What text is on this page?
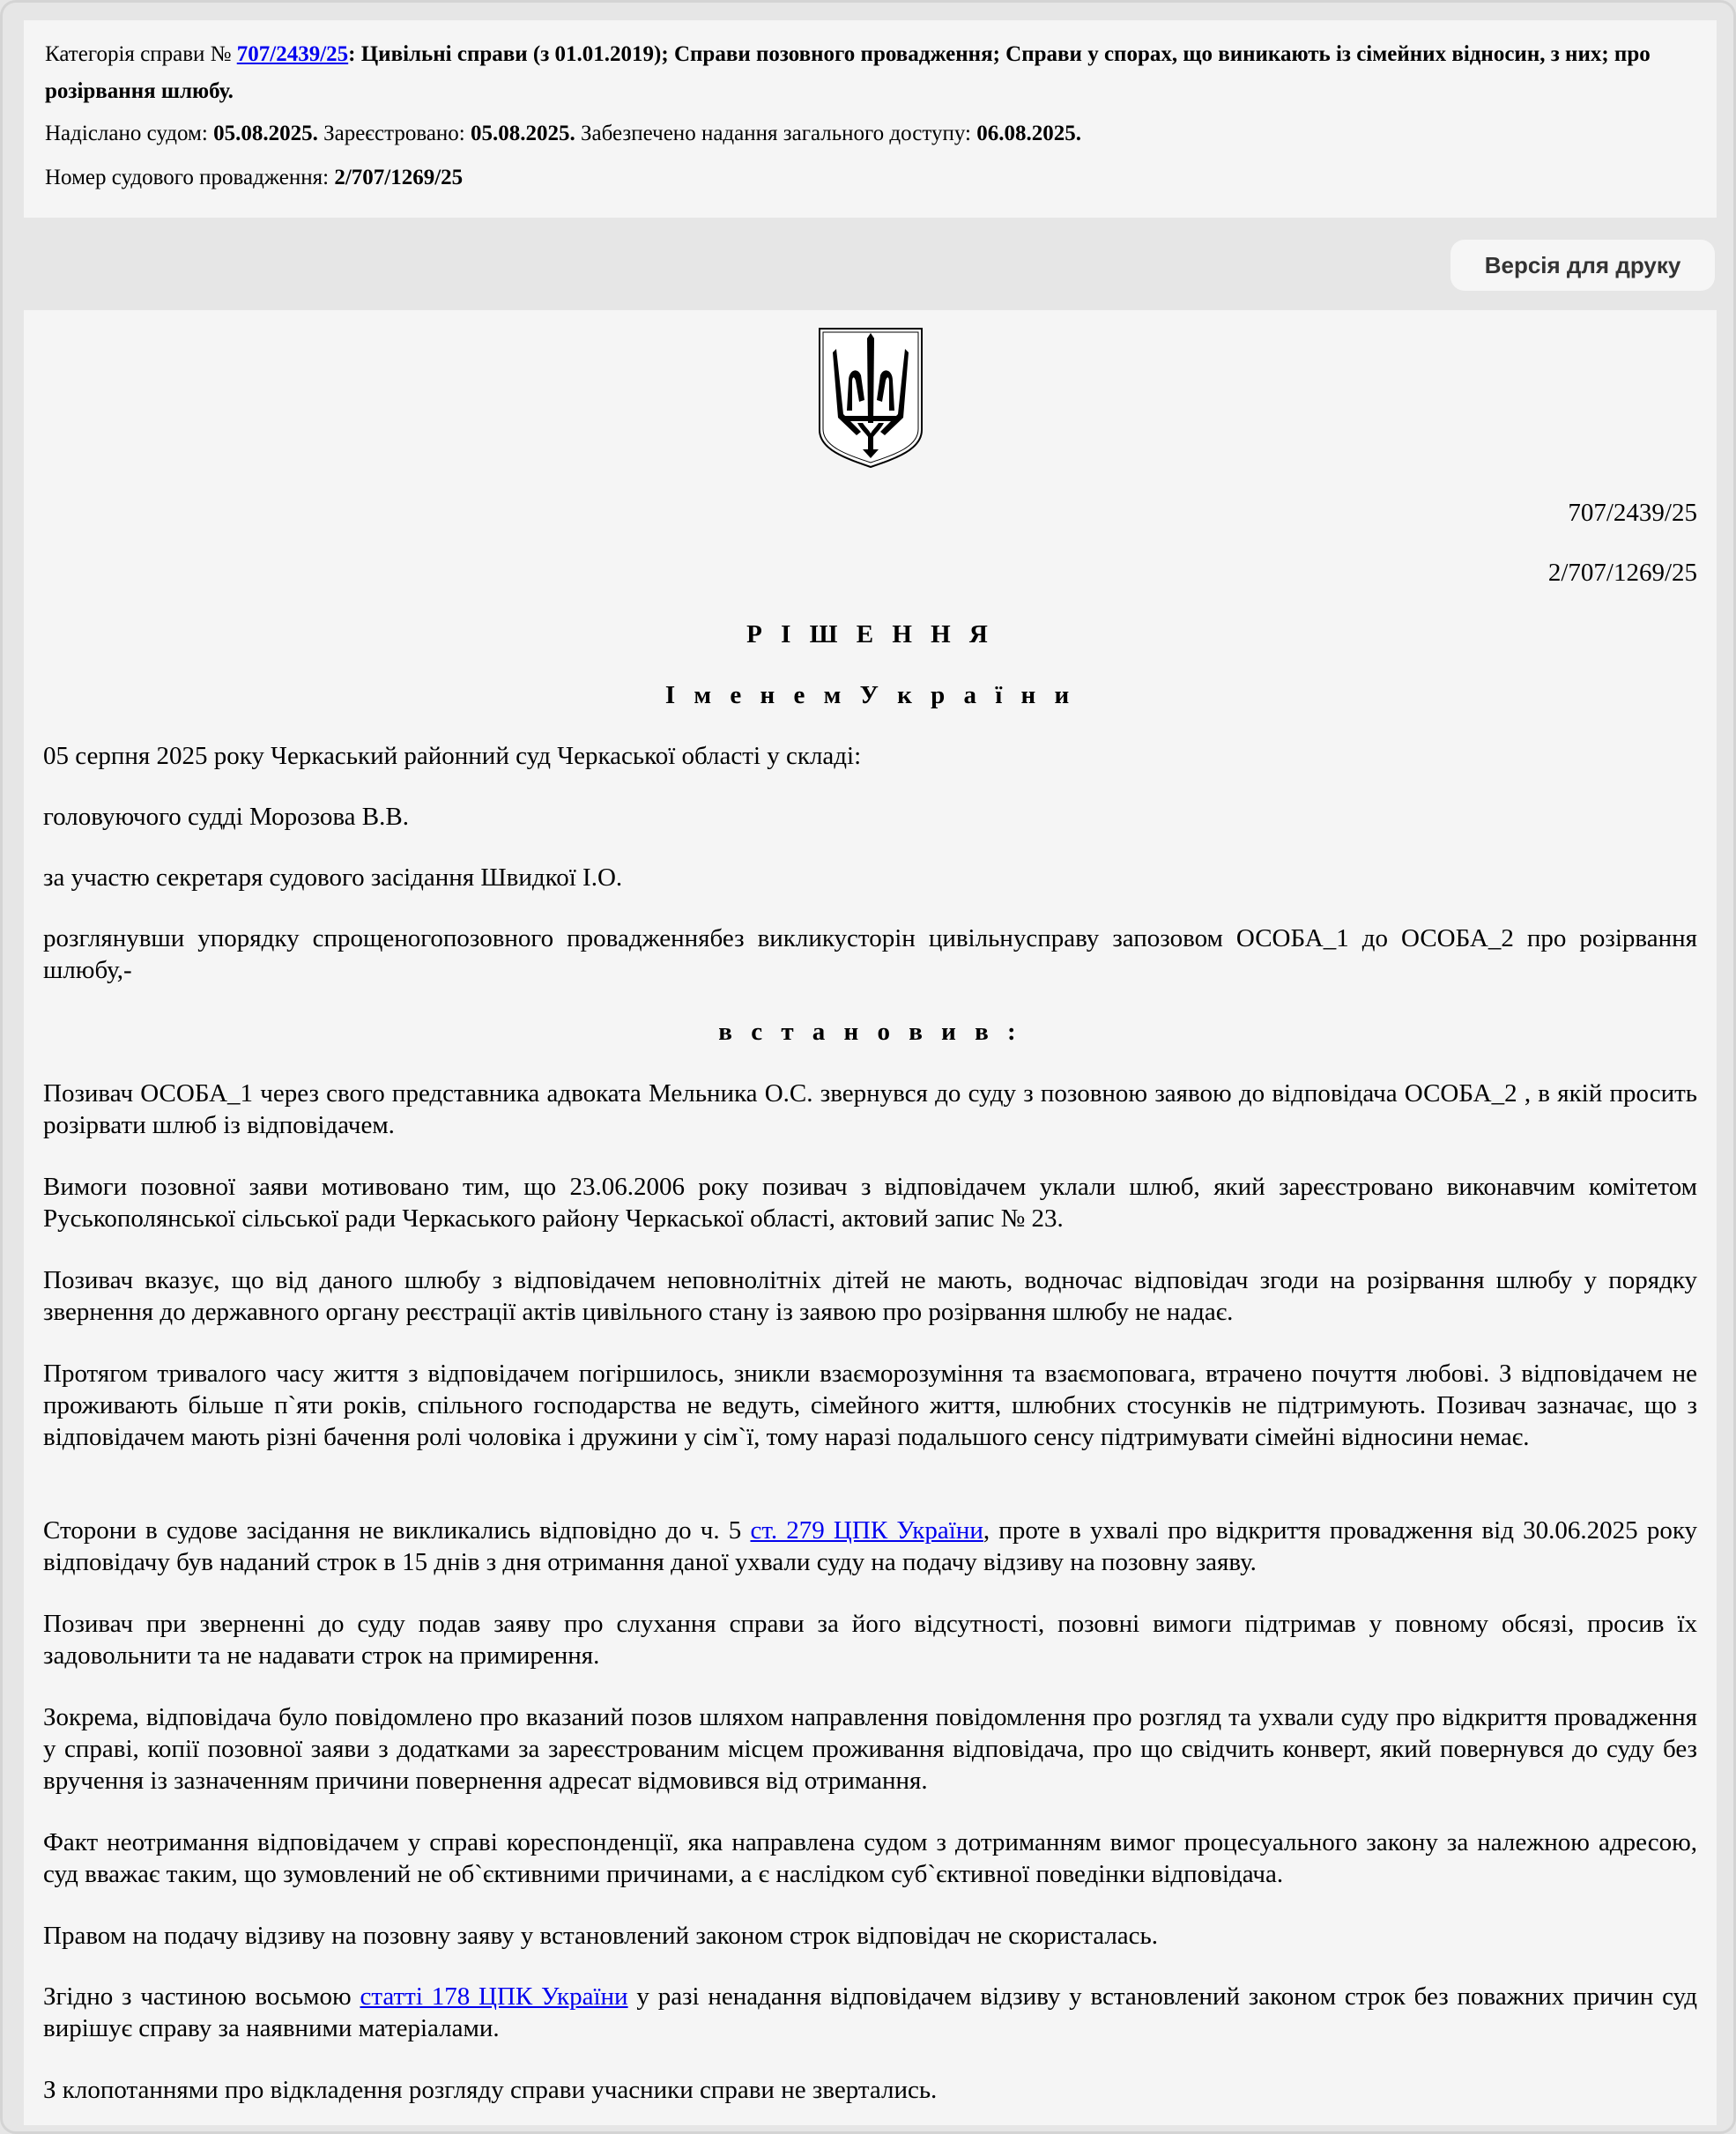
Категорія справи № 707/2439/25: Цивільні справи (з 01.01.2019); Справи позовного провадження; Справи у спорах, що виникають із сімейних відносин, з них; про розірвання шлюбу.

Надіслано судом: 05.08.2025. Зареєстровано: 05.08.2025. Забезпечено надання загального доступу: 06.08.2025.

Номер судового провадження: 2/707/1269/25

Версія для друку

707/2439/25

2/707/1269/25

Р І Ш Е Н Н Я

І м е н е м У к р а ї н и

05 серпня 2025 року Черкаський районний суд Черкаської області у складі:

головуючого судді Морозова В.В.

за участю секретаря судового засідання Швидкої І.О.

розглянувши упорядку спрощеногопозовного провадженнябез викликусторін цивільнусправу запозовом ОСОБА_1 до ОСОБА_2 про розірвання шлюбу,-

в с т а н о в и в :

Позивач ОСОБА_1 через свого представника адвоката Мельника О.С. звернувся до суду з позовною заявою до відповідача ОСОБА_2 , в якій просить розірвати шлюб із відповідачем.

Вимоги позовної заяви мотивовано тим, що 23.06.2006 року позивач з відповідачем уклали шлюб, який зареєстровано виконавчим комітетом Руськополянської сільської ради Черкаського району Черкаської області, актовий запис № 23.

Позивач вказує, що від даного шлюбу з відповідачем неповнолітніх дітей не мають, водночас відповідач згоди на розірвання шлюбу у порядку звернення до державного органу реєстрації актів цивільного стану із заявою про розірвання шлюбу не надає.

Протягом тривалого часу життя з відповідачем погіршилось, зникли взаєморозуміння та взаємоповага, втрачено почуття любові. З відповідачем не проживають більше п`яти років, спільного господарства не ведуть, сімейного життя, шлюбних стосунків не підтримують. Позивач зазначає, що з відповідачем мають різні бачення ролі чоловіка і дружини у сім`ї, тому наразі подальшого сенсу підтримувати сімейні відносини немає.

Сторони в судове засідання не викликались відповідно до ч. 5 ст. 279 ЦПК України, проте в ухвалі про відкриття провадження від 30.06.2025 року відповідачу був наданий строк в 15 днів з дня отримання даної ухвали суду на подачу відзиву на позовну заяву.

Позивач при зверненні до суду подав заяву про слухання справи за його відсутності, позовні вимоги підтримав у повному обсязі, просив їх задовольнити та не надавати строк на примирення.

Зокрема, відповідача було повідомлено про вказаний позов шляхом направлення повідомлення про розгляд та ухвали суду про відкриття провадження у справі, копії позовної заяви з додатками за зареєстрованим місцем проживання відповідача, про що свідчить конверт, який повернувся до суду без вручення із зазначенням причини повернення адресат відмовився від отримання.

Факт неотримання відповідачем у справі кореспонденції, яка направлена судом з дотриманням вимог процесуального закону за належною адресою, суд вважає таким, що зумовлений не об`єктивними причинами, а є наслідком суб`єктивної поведінки відповідача.

Правом на подачу відзиву на позовну заяву у встановлений законом строк відповідач не скористалась.

Згідно з частиною восьмою статті 178 ЦПК України у разі ненадання відповідачем відзиву у встановлений законом строк без поважних причин суд вирішує справу за наявними матеріалами.

З клопотаннями про відкладення розгляду справи учасники справи не звертались.
